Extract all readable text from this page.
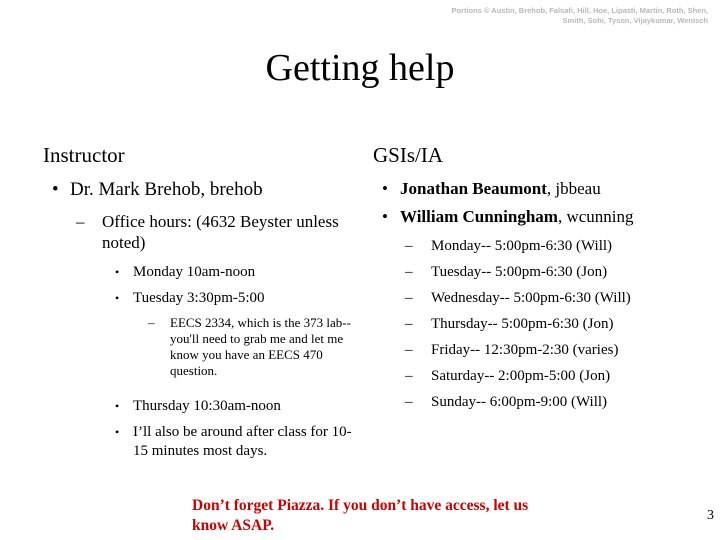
Portions © Austin, Brehob, Falsafi, Hill, Hoe, Lipasti, Martin, Roth, Shen, Smith, Sohi, Tyson, Vijaykumar, Wenisch
Getting help
Instructor
• Dr. Mark Brehob, brehob
– Office hours: (4632 Beyster unless noted)
• Monday 10am-noon
• Tuesday 3:30pm-5:00
– EECS 2334, which is the 373 lab--you'll need to grab me and let me know you have an EECS 470 question.
• Thursday 10:30am-noon
• I’ll also be around after class for 10-15 minutes most days.
GSIs/IA
• Jonathan Beaumont, jbbeau
• William Cunningham, wcunning
– Monday-- 5:00pm-6:30 (Will)
– Tuesday-- 5:00pm-6:30 (Jon)
– Wednesday-- 5:00pm-6:30 (Will)
– Thursday-- 5:00pm-6:30 (Jon)
– Friday-- 12:30pm-2:30 (varies)
– Saturday-- 2:00pm-5:00 (Jon)
– Sunday-- 6:00pm-9:00 (Will)
Don’t forget Piazza. If you don’t have access, let us know ASAP.
3
